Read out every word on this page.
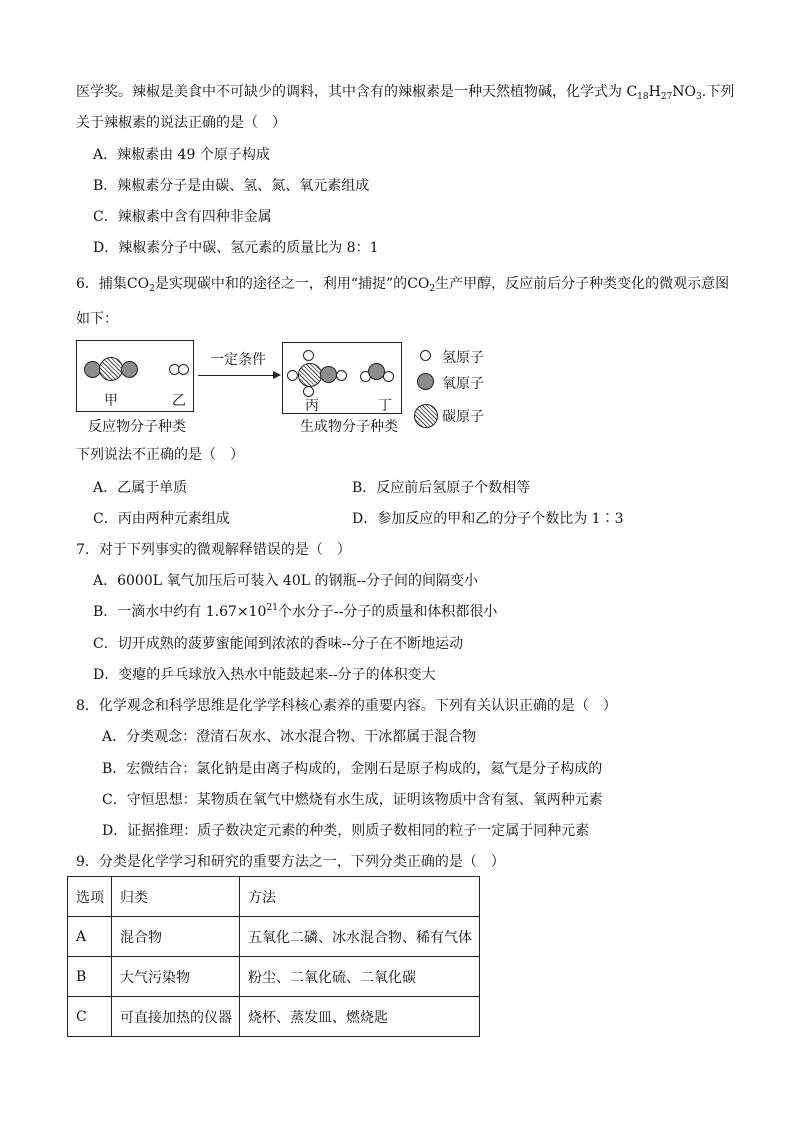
医学奖。辣椒是美食中不可缺少的调料，其中含有的辣椒素是一种天然植物碱，化学式为 $C_{18}H_{27}NO_3$.下列
关于辣椒素的说法正确的是（　）
A．辣椒素由 49 个原子构成
B．辣椒素分子是由碳、氢、氮、氧元素组成
C．辣椒素中含有四种非金属
D．辣椒素分子中碳、氢元素的质量比为 8：1
6．捕集$CO_2$是实现碳中和的途径之一，利用“捕捉”的$CO_2$生产甲醇，反应前后分子种类变化的微观示意图
如下：
甲	乙
一定条件
丙	丁
反应物分子种类	生成物分子种类
氢原子
氧原子
碳原子
下列说法不正确的是（　）
A．乙属于单质	B．反应前后氢原子个数相等
C．丙由两种元素组成	D．参加反应的甲和乙的分子个数比为 1∶3
7．对于下列事实的微观解释错误的是（　）
A．6000L 氧气加压后可装入 40L 的钢瓶--分子间的间隔变小
B．一滴水中约有 $1.67\times 10^{21}$个水分子--分子的质量和体积都很小
C．切开成熟的菠萝蜜能闻到浓浓的香味--分子在不断地运动
D．变瘪的乒乓球放入热水中能鼓起来--分子的体积变大
8．化学观念和科学思维是化学学科核心素养的重要内容。下列有关认识正确的是（　）
A．分类观念：澄清石灰水、冰水混合物、干冰都属于混合物
B．宏微结合：氯化钠是由离子构成的，金刚石是原子构成的，氦气是分子构成的
C．守恒思想：某物质在氧气中燃烧有水生成，证明该物质中含有氢、氧两种元素
D．证据推理：质子数决定元素的种类，则质子数相同的粒子一定属于同种元素
9．分类是化学学习和研究的重要方法之一，下列分类正确的是（　）
选项	归类	方法
A	混合物	五氧化二磷、冰水混合物、稀有气体
B	大气污染物	粉尘、二氧化硫、二氧化碳
C	可直接加热的仪器	烧杯、蒸发皿、燃烧匙
